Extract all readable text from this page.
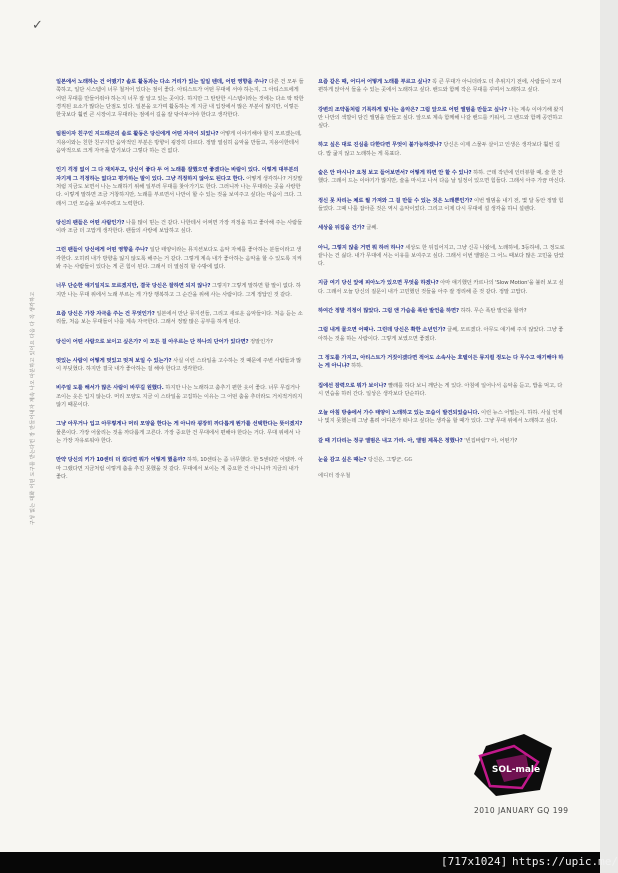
✓

일본에서 노래하는 건 어땠기? 솔로 활동과는 다소 거리가 있는 일일 텐데, 어떤 영향을 주나? 다른 건 모두 들쭉하고, 일단 시스템이 너무 철저어 있다는 점이 좋다. 아티스트가 어떤 무대에 서야 하는지, 그 아티스트에게 어떤 무대를 만들어줘야 하는지 너무 잘 알고 있는 곳이다. 하지만 그 탄탄한 시스템이라는 것에는 다소 딱 딱한 경직된 요소가 많다는 단점도 있다. 일본을 오가며 활동하는 게 지금 내 입장에서 많은 부분이 많지만, 이렇든 한국보다 훨씬 큰 시장이고 무대라는 점에서 길을 잘 닦아두어야 한다고 생각한다.

팀원이자 친구인 지드래곤의 솔로 활동은 당신에게 어떤 자극이 되었나? 어떻게 이야기해야 할지 모르겠는데, 지용이와는 친한 친구지만 음악적인 부분은 방향이 굉장히 다르다. 정말 열심히 음악을 만들고, 지용이한테서 음악적으로 크게 자극을 받기보다 그렇다 하는 건 없다.

인기 걱정 없이 그 다 재치두고, 당신이 좋다 두 어 노래를 잘했으면 좋겠다는 바람이 있다. 이렇게 대부분의 자기계 그 걱정하는 없다고 평가하는 말이 있다. 그냥 걱정하지 않아도 된다고 한다. 어떻게 생각하나? 거짓말처럼 지금도 보면서 나는 노래하기 위해 일부러 무대를 찾아가기도 한다. 그러니까 나는 무대라는 곳을 사랑한다. 이렇게 말하면 조금 거창하지만, 노래를 부르면서 나만이 할 수 있는 것을 보여주고 싶다는 마음이 크다. 그래서 그런 모습을 보여주려고 노력한다.

당신의 팬들은 어떤 사람인가? 나를 많이 믿는 건 같다. 나한테서 어쩌면 가장 걱정을 하고 좋아해 주는 사람들이라 조금 더 고맙게 생각한다. 팬들의 사랑에 보답하고 싶다.

그런 팬들이 당신에게 어떤 영향을 주나? 일단 태양이라는 뮤지션보다도 음악 자체를 좋아하는 분들이라고 생각한다. 오히려 내가 방향을 잃지 않도록 해주는 거 같다. 그렇게 계속 내가 좋아하는 음악을 할 수 있도록 지켜봐 주는 사람들이 있다는 게 큰 힘이 된다. 그래서 더 열심히 할 수밖에 없다.

너무 단순한 얘기일지도 모르겠지만, 결국 당신은 잘하면 되지 않나? 그렇지? 그렇게 말하면 할 말이 없다. 하지만 나는 무대 위에서 노래 부르는 게 가장 행복하고 그 순간을 위해 사는 사람이다. 그게 정답인 것 같다.

요즘 당신은 가장 자극을 주는 건 무엇인가? 일본에서 만난 뮤지션들, 그리고 새로운 음악들이다. 처음 듣는 소리들, 처음 보는 무대들이 나를 계속 자극한다. 그래서 정말 많은 공부를 하게 된다.

당신이 어떤 사람으로 보이고 싶은가? 이 모든 걸 아우르는 단 하나의 단어가 있다면? 정말인가?

멋있는 사람이 어떻게 멋있고 멋져 보일 수 있는가? 사실 이런 스타일을 고수하는 것 때문에 주변 사람들과 많이 부딪혔다. 하지만 결국 내가 좋아하는 걸 해야 한다고 생각한다.

비주얼 도를 해서가 많은 사람이 바꾸길 원했다. 하지만 나는 노래하고 춤추기 편한 옷이 좋다. 너무 무겁거나 조이는 옷은 입지 않는다. 머리 모양도 지금 이 스타일을 고집하는 이유는 그 어떤 춤을 추더라도 거치적거리지 않기 때문이다.

그냥 아무거나 입고 아무렇게나 머리 모양을 한다는 게 아니라 굉장히 까다롭게 뭔가를 선택한다는 뜻이겠지? 물론이다. 가장 어울리는 것을 까다롭게 고른다. 가장 중요한 건 무대에서 편해야 한다는 거다. 무대 위에서 나는 가장 자유로워야 한다.

만약 당신의 키가 10센티 더 컸다면 뭐가 어떻게 했을까? 하하, 10센티는 좀 너무했다. 한 5센티만 어땠까. 아마 그랬다면 지금처럼 이렇게 춤을 추진 못했을 것 같다. 무대에서 보이는 게 중요한 건 아니니까 지금의 내가 좋다.

요즘 같은 때, 어디서 어떻게 노래를 부르고 싶나? 꼭 큰 무대가 아니더라도 더 추위지기 전에, 사람들이 모여 편하게 앉아서 들을 수 있는 곳에서 노래하고 싶다. 밴드와 함께 작은 무대를 꾸며서 노래하고 싶다.

강변의 조약돌처럼 기특하게 빛나는 음악은? 그럼 앞으로 어떤 앨범을 만들고 싶나? 나는 계속 이야기해 왔지만 나만의 색깔이 담긴 앨범을 만들고 싶다. 앞으로 계속 함께해 나갈 밴드를 키워서, 그 밴드와 함께 공연하고 싶다.

하고 싶은 대로 진심을 다한다면 무엇이 불가능하겠나? 당신은 이제 스물두 살이고 인생은 생각보다 훨씬 길다. 밥 굶지 않고 노래하는 게 목표다.

술은 안 마시나? 요청 보고 들어보면서? 어떻게 하면 안 할 수 있나? 하하. 근데 작년에 인터뷰할 때, 술 한 잔 했다. 그래서 드는 이야기가 많지만, 술을 마시고 나서 다음 날 일정이 있으면 힘들다. 그래서 아주 가끔 마신다.

정신 못 차리는 체로 뭘 가져와 그 걸 만들 수 있는 것은 노래뿐인가? 이번 앨범을 내기 전, 몇 달 동안 정말 힘들었다. 그때 나를 잡아준 것은 역시 음악이었다. 그리고 이제 다시 무대에 설 생각을 하니 설렌다.

세상을 뒤집을 건가? 글쎄.

아니, 그렇지 않을 거면 뭐 하러 하나? 세상도 한 뒤집어지고, 그냥 신곡 나왔네, 노래하네, 3등하네, 그 정도로 끝나는 건 싫다. 내가 무대에 서는 이유를 보여주고 싶다. 그래서 이번 앨범은 그 어느 때보다 많은 고민을 담았다.

지금 여기 당신 앞에 피아노가 있으면 무엇을 하겠나? 아마 얘기했던 카르나의 'Slow Motion'을 불러 보고 싶다. 그래서 오늘 당신의 질문이 내가 고민했던 것들을 아주 잘 정리해 준 것 같다. 정말 고맙다.

하여간 정말 걱정이 많았다. 그럼 앤 가슴을 폭탄 발언을 하면? 하하. 무슨 폭탄 발언을 할까?

그럼 내게 물으면 어때나. 그런데 당신은 확한 소년인가? 글쎄, 모르겠다. 아무도 얘기해 주지 않았다. 그냥 좋아하는 것을 하는 사람이다. 그렇게 보였으면 좋겠다.

그 정도를 가지고, 아티스트가 거짓이겠다면 적어도 소속사는 호텔이든 뮤지컬 정도는 다 무수고 얘기해야 하는 게 아니냐? 하하.

집에선 잠력으로 뭐가 보이나? 빨래를 하다 보니 깨닫는 게 있다. 아침에 일어나서 음악을 듣고, 밥을 먹고, 다시 연습을 하러 간다. 일상은 생각보다 단순하다.

오늘 아침 방송에서 가수 태양이 노래하고 있는 모습이 발견되었습니다. 이런 뉴스 어떨는지. 하하. 사실 언제나 빛지 못했는데 그냥 흘려 어디론가 떠나고 싶다는 생각을 할 때가 있다. 그냥 무대 위에서 노래하고 싶다.

갈 때 기다리는 정규 앨범은 내고 가라. 아, 앨범 제목은 정했나? '빈집바람'? 아, 어떤가?

눈을 감고 싶은 때는? 당신은, 그렇군. 𝔾𝔾

에디터 장우철
구성 없는 대화 어떤 도구를 받는다면 장 만들어내자 계속 나오 따분하고 있어요 다음 다 꼭 생각하고
SOL-male
2010 JANUARY GQ 199
[717x1024] https://upic.me/
